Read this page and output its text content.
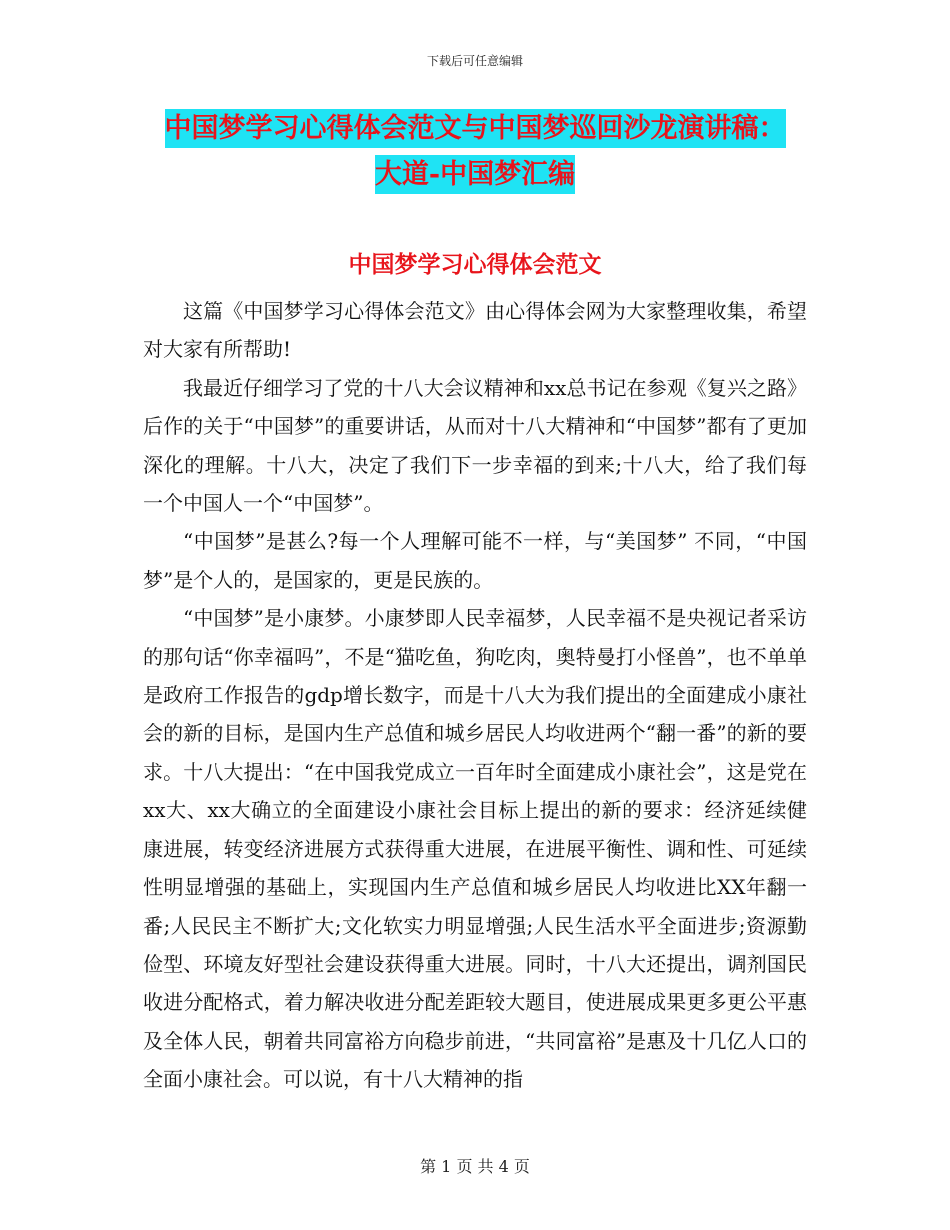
下载后可任意编辑
中国梦学习心得体会范文与中国梦巡回沙龙演讲稿：
大道-中国梦汇编
中国梦学习心得体会范文

这篇《中国梦学习心得体会范文》由心得体会网为大家整理收集，希望对大家有所帮助!

我最近仔细学习了党的十八大会议精神和xx总书记在参观《复兴之路》后作的关于“中国梦”的重要讲话，从而对十八大精神和“中国梦”都有了更加深化的理解。十八大，决定了我们下一步幸福的到来;十八大，给了我们每一个中国人一个“中国梦”。

“中国梦”是甚么?每一个人理解可能不一样，与“美国梦” 不同，“中国梦”是个人的，是国家的，更是民族的。

“中国梦”是小康梦。小康梦即人民幸福梦，人民幸福不是央视记者采访的那句话“你幸福吗”，不是“猫吃鱼，狗吃肉，奥特曼打小怪兽”，也不单单是政府工作报告的gdp增长数字，而是十八大为我们提出的全面建成小康社会的新的目标，是国内生产总值和城乡居民人均收进两个“翻一番”的新的要求。十八大提出：“在中国我党成立一百年时全面建成小康社会”，这是党在xx大、xx大确立的全面建设小康社会目标上提出的新的要求：经济延续健康进展，转变经济进展方式获得重大进展，在进展平衡性、调和性、可延续性明显增强的基础上，实现国内生产总值和城乡居民人均收进比XX年翻一番;人民民主不断扩大;文化软实力明显增强;人民生活水平全面进步;资源勤俭型、环境友好型社会建设获得重大进展。同时，十八大还提出，调剂国民收进分配格式，着力解决收进分配差距较大题目，使进展成果更多更公平惠及全体人民，朝着共同富裕方向稳步前进，“共同富裕”是惠及十几亿人口的全面小康社会。可以说，有十八大精神的指

第 1 页 共 4 页
